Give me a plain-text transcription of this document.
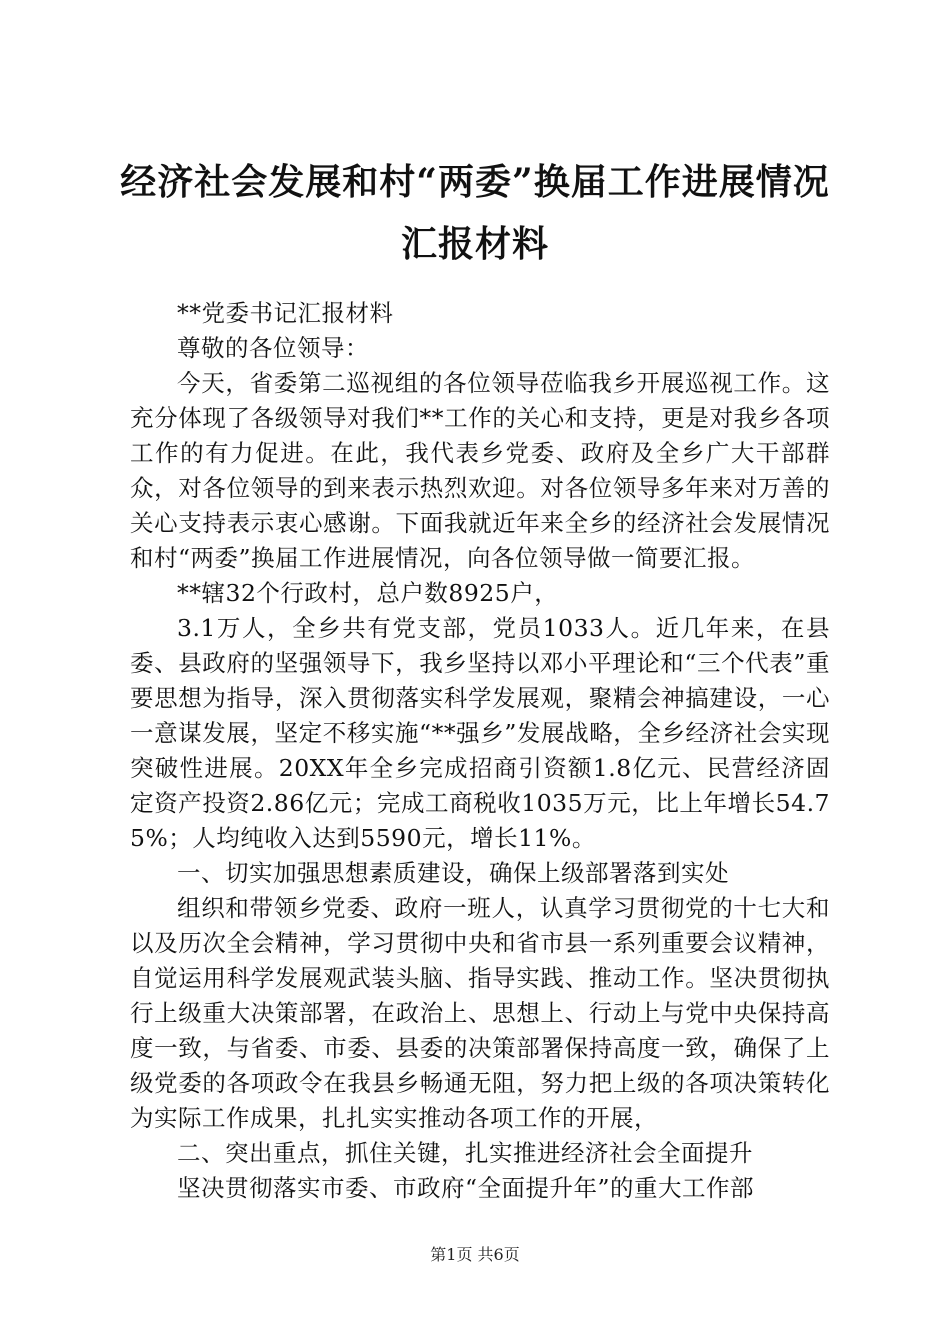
经济社会发展和村“两委”换届工作进展情况
汇报材料

**党委书记汇报材料

尊敬的各位领导：

今天，省委第二巡视组的各位领导莅临我乡开展巡视工作。这充分体现了各级领导对我们**工作的关心和支持，更是对我乡各项工作的有力促进。在此，我代表乡党委、政府及全乡广大干部群众，对各位领导的到来表示热烈欢迎。对各位领导多年来对万善的关心支持表示衷心感谢。下面我就近年来全乡的经济社会发展情况和村“两委”换届工作进展情况，向各位领导做一简要汇报。

**辖32个行政村，总户数8925户，

3.1万人，全乡共有党支部，党员1033人。近几年来，在县委、县政府的坚强领导下，我乡坚持以邓小平理论和“三个代表”重要思想为指导，深入贯彻落实科学发展观，聚精会神搞建设，一心一意谋发展，坚定不移实施“**强乡”发展战略，全乡经济社会实现突破性进展。20XX年全乡完成招商引资额1.8亿元、民营经济固定资产投资2.86亿元；完成工商税收1035万元，比上年增长54.75%；人均纯收入达到5590元，增长11%。

一、切实加强思想素质建设，确保上级部署落到实处

组织和带领乡党委、政府一班人，认真学习贯彻党的十七大和以及历次全会精神，学习贯彻中央和省市县一系列重要会议精神，自觉运用科学发展观武装头脑、指导实践、推动工作。坚决贯彻执行上级重大决策部署，在政治上、思想上、行动上与党中央保持高度一致，与省委、市委、县委的决策部署保持高度一致，确保了上级党委的各项政令在我县乡畅通无阻，努力把上级的各项决策转化为实际工作成果，扎扎实实推动各项工作的开展，

二、突出重点，抓住关键，扎实推进经济社会全面提升

坚决贯彻落实市委、市政府“全面提升年”的重大工作部

第1页 共6页
